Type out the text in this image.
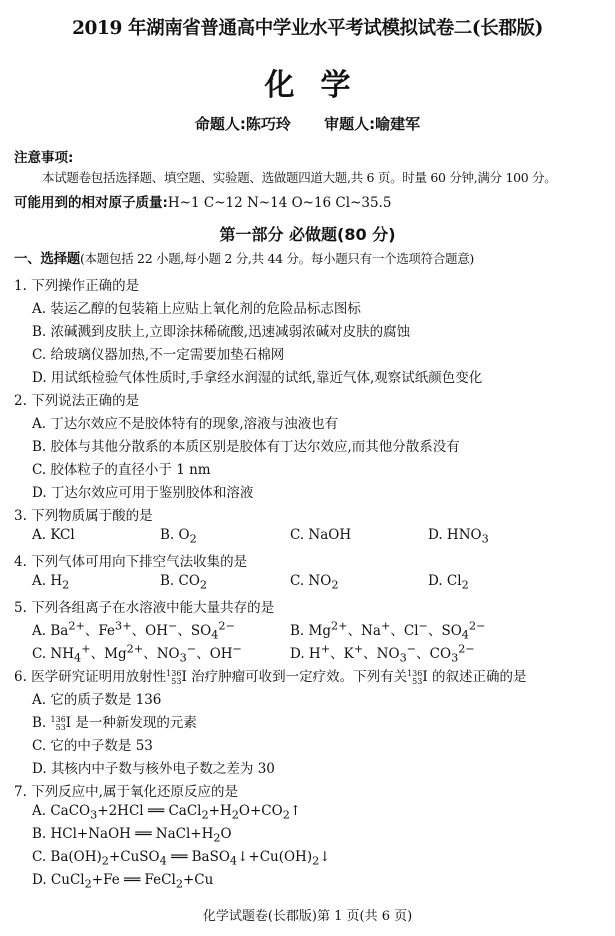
2019 年湖南省普通高中学业水平考试模拟试卷二(长郡版)
化学
命题人:陈巧玲 审题人:喻建军
注意事项:
本试题卷包括选择题、填空题、实验题、选做题四道大题,共 6 页。时量 60 分钟,满分 100 分。
可能用到的相对原子质量:H~1 C~12 N~14 O~16 Cl~35.5
第一部分 必做题(80 分)
一、选择题(本题包括 22 小题,每小题 2 分,共 44 分。每小题只有一个选项符合题意)
1. 下列操作正确的是
A. 装运乙醇的包装箱上应贴上氧化剂的危险品标志图标
B. 浓碱溅到皮肤上,立即涂抹稀硫酸,迅速减弱浓碱对皮肤的腐蚀
C. 给玻璃仪器加热,不一定需要加垫石棉网
D. 用试纸检验气体性质时,手拿经水润湿的试纸,靠近气体,观察试纸颜色变化
2. 下列说法正确的是
A. 丁达尔效应不是胶体特有的现象,溶液与浊液也有
B. 胶体与其他分散系的本质区别是胶体有丁达尔效应,而其他分散系没有
C. 胶体粒子的直径小于 1 nm
D. 丁达尔效应可用于鉴别胶体和溶液
3. 下列物质属于酸的是
A. KCl	B. $O_2$	C. NaOH	D. $HNO_3$
4. 下列气体可用向下排空气法收集的是
A. $H_2$	B. $CO_2$	C. $NO_2$	D. $Cl_2$
5. 下列各组离子在水溶液中能大量共存的是
A. $Ba^{2+}$、$Fe^{3+}$、OH−、$SO_4^{2-}$	B. $Mg^{2+}$、Na+、Cl−、$SO_4^{2-}$
C. $NH_4^+$、$Mg^{2+}$、$NO_3^-$、OH−	D. H+、K+、$NO_3^-$、$CO_3^{2-}$
6. 医学研究证明用放射性136
53I 治疗肿瘤可收到一定疗效。下列有关136
53I 的叙述正确的是
A. 它的质子数是 136
B. 136
53I 是一种新发现的元素
C. 它的中子数是 53
D. 其核内中子数与核外电子数之差为 30
7. 下列反应中,属于氧化还原反应的是
A. CaCO$_3$+2HCl ══ $CaCl_2+H_2O+CO_2↑$
B. HCl+NaOH ══ $NaCl+H_2O$
C. $Ba(OH)_2+CuSO_4$ ══ $BaSO_4↓+Cu(OH)_2↓$
D. CuCl$_2$+Fe ══ FeCl$_2$+Cu
化学试题卷(长郡版)第 1 页(共 6 页)
